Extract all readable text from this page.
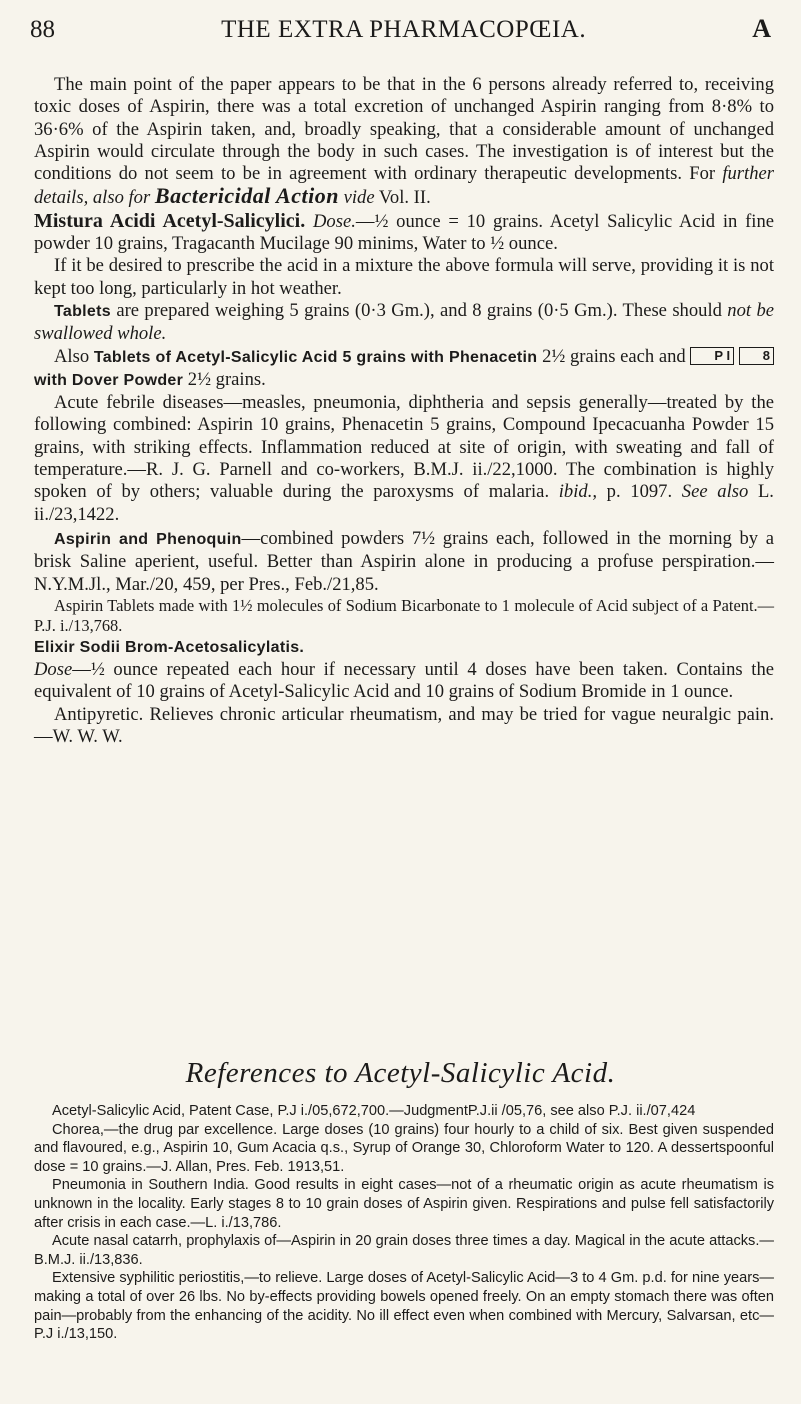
88	THE EXTRA PHARMACOPŒIA.	A

The main point of the paper appears to be that in the 6 persons already referred to, receiving toxic doses of Aspirin, there was a total excretion of unchanged Aspirin ranging from 8·8% to 36·6% of the Aspirin taken, and, broadly speaking, that a considerable amount of unchanged Aspirin would circulate through the body in such cases. The investigation is of interest but the conditions do not seem to be in agreement with ordinary therapeutic developments. For further details, also for Bactericidal Action vide Vol. II.

Mistura Acidi Acetyl-Salicylici. Dose.—½ ounce = 10 grains. Acetyl Salicylic Acid in fine powder 10 grains, Tragacanth Mucilage 90 minims, Water to ½ ounce.

If it be desired to prescribe the acid in a mixture the above formula will serve, providing it is not kept too long, particularly in hot weather.

Tablets are prepared weighing 5 grains (0·3 Gm.), and 8 grains (0·5 Gm.). These should not be swallowed whole.

Also Tablets of Acetyl-Salicylic Acid 5 grains with Phenacetin 2½ grains each and P I	8 with Dover Powder 2½ grains.

Acute febrile diseases—measles, pneumonia, diphtheria and sepsis generally—treated by the following combined: Aspirin 10 grains, Phenacetin 5 grains, Compound Ipecacuanha Powder 15 grains, with striking effects. Inflammation reduced at site of origin, with sweating and fall of temperature.—R. J. G. Parnell and co-workers, B.M.J. ii./22,1000. The combination is highly spoken of by others; valuable during the paroxysms of malaria. ibid., p. 1097. See also L. ii./23,1422.

Aspirin and Phenoquin—combined powders 7½ grains each, followed in the morning by a brisk Saline aperient, useful. Better than Aspirin alone in producing a profuse perspiration.—N.Y.M.Jl., Mar./20, 459, per Pres., Feb./21,85.

Aspirin Tablets made with 1½ molecules of Sodium Bicarbonate to 1 molecule of Acid subject of a Patent.—P.J. i./13,768.

Elixir Sodii Brom-Acetosalicylatis.

Dose—½ ounce repeated each hour if necessary until 4 doses have been taken. Contains the equivalent of 10 grains of Acetyl-Salicylic Acid and 10 grains of Sodium Bromide in 1 ounce.

Antipyretic. Relieves chronic articular rheumatism, and may be tried for vague neuralgic pain.—W. W. W.

References to Acetyl-Salicylic Acid.

Acetyl-Salicylic Acid, Patent Case, P.J i./05,672,700.—JudgmentP.J.ii /05,76, see also P.J. ii./07,424

Chorea,—the drug par excellence. Large doses (10 grains) four hourly to a child of six. Best given suspended and flavoured, e.g., Aspirin 10, Gum Acacia q.s., Syrup of Orange 30, Chloroform Water to 120. A dessertspoonful dose = 10 grains.—J. Allan, Pres. Feb. 1913,51.

Pneumonia in Southern India. Good results in eight cases—not of a rheumatic origin as acute rheumatism is unknown in the locality. Early stages 8 to 10 grain doses of Aspirin given. Respirations and pulse fell satisfactorily after crisis in each case.—L. i./13,786.

Acute nasal catarrh, prophylaxis of—Aspirin in 20 grain doses three times a day. Magical in the acute attacks.—B.M.J. ii./13,836.

Extensive syphilitic periostitis,—to relieve. Large doses of Acetyl-Salicylic Acid—3 to 4 Gm. p.d. for nine years—making a total of over 26 lbs. No by-effects providing bowels opened freely. On an empty stomach there was often pain—probably from the enhancing of the acidity. No ill effect even when combined with Mercury, Salvarsan, etc—P.J i./13,150.
